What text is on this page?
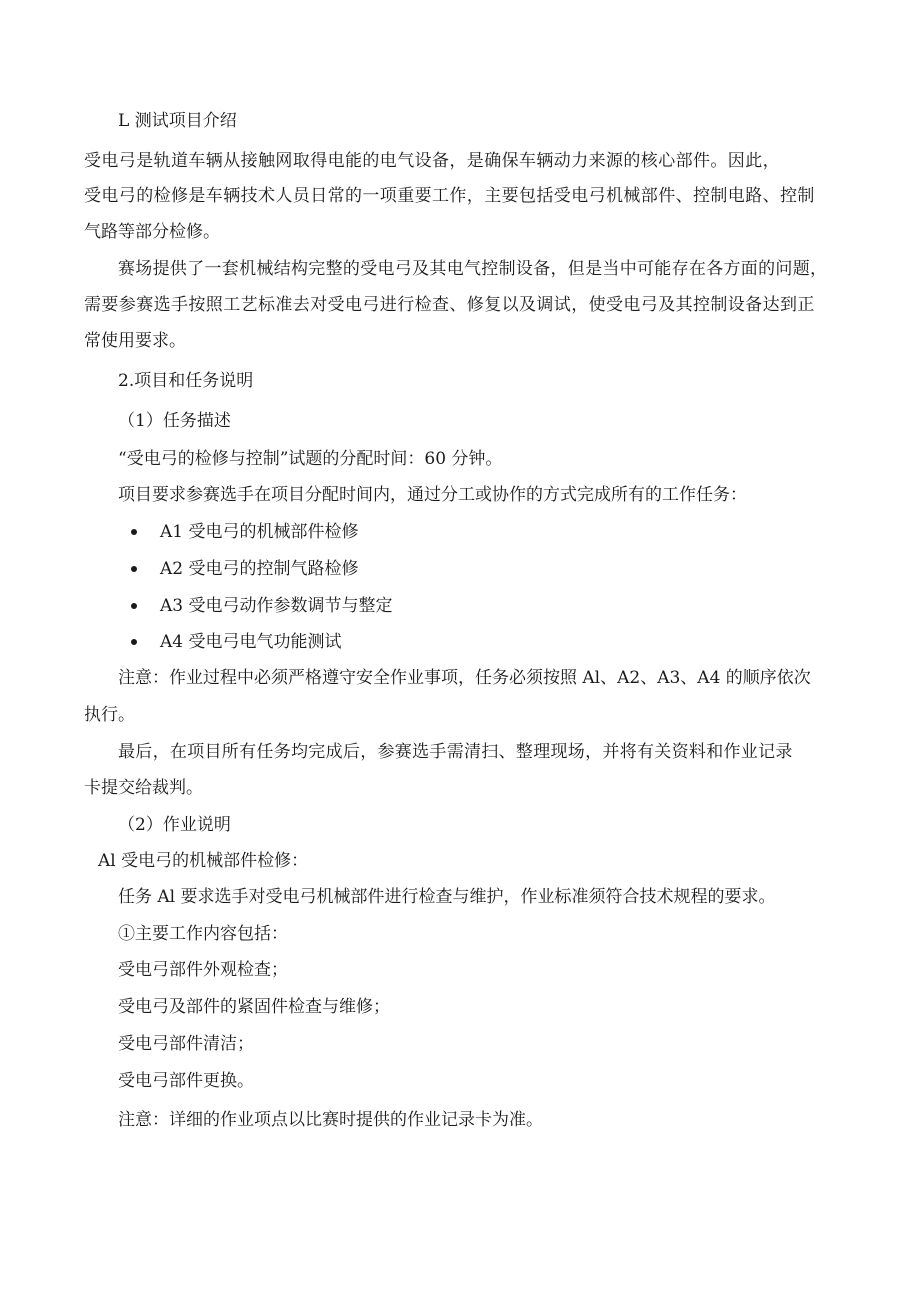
L 测试项目介绍

受电弓是轨道车辆从接触网取得电能的电气设备，是确保车辆动力来源的核心部件。因此，

受电弓的检修是车辆技术人员日常的一项重要工作，主要包括受电弓机械部件、控制电路、控制

气路等部分检修。

赛场提供了一套机械结构完整的受电弓及其电气控制设备，但是当中可能存在各方面的问题，

需要参赛选手按照工艺标准去对受电弓进行检查、修复以及调试，使受电弓及其控制设备达到正

常使用要求。

2.项目和任务说明

（1）任务描述

“受电弓的检修与控制”试题的分配时间：60 分钟。

项目要求参赛选手在项目分配时间内，通过分工或协作的方式完成所有的工作任务：

A1 受电弓的机械部件检修

A2 受电弓的控制气路检修

A3 受电弓动作参数调节与整定

A4 受电弓电气功能测试

注意：作业过程中必须严格遵守安全作业事项，任务必须按照 Al、A2、A3、A4 的顺序依次

执行。

最后，在项目所有任务均完成后，参赛选手需清扫、整理现场，并将有关资料和作业记录

卡提交给裁判。

（2）作业说明

Al 受电弓的机械部件检修：

任务 Al 要求选手对受电弓机械部件进行检查与维护，作业标准须符合技术规程的要求。

①主要工作内容包括：

受电弓部件外观检查；

受电弓及部件的紧固件检查与维修；

受电弓部件清洁；

受电弓部件更换。

注意：详细的作业项点以比赛时提供的作业记录卡为准。
